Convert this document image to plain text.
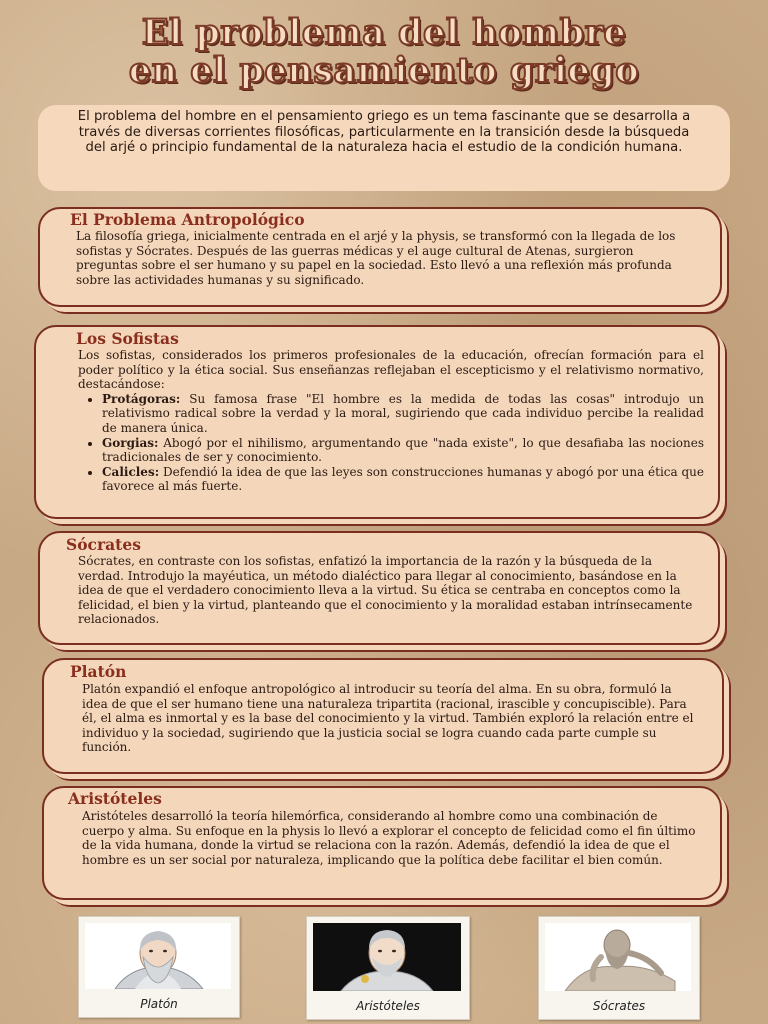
El problema del hombre
en el pensamiento griego
El problema del hombre en el pensamiento griego es un tema fascinante que se desarrolla a través de diversas corrientes filosóficas, particularmente en la transición desde la búsqueda del arjé o principio fundamental de la naturaleza hacia el estudio de la condición humana.
El Problema Antropológico
La filosofía griega, inicialmente centrada en el arjé y la physis, se transformó con la llegada de los sofistas y Sócrates. Después de las guerras médicas y el auge cultural de Atenas, surgieron preguntas sobre el ser humano y su papel en la sociedad. Esto llevó a una reflexión más profunda sobre las actividades humanas y su significado.
Los Sofistas
Los sofistas, considerados los primeros profesionales de la educación, ofrecían formación para el poder político y la ética social. Sus enseñanzas reflejaban el escepticismo y el relativismo normativo, destacándose:
• Protágoras: Su famosa frase "El hombre es la medida de todas las cosas" introdujo un relativismo radical sobre la verdad y la moral, sugiriendo que cada individuo percibe la realidad de manera única.
• Gorgias: Abogó por el nihilismo, argumentando que "nada existe", lo que desafiaba las nociones tradicionales de ser y conocimiento.
• Calicles: Defendió la idea de que las leyes son construcciones humanas y abogó por una ética que favorece al más fuerte.
Sócrates
Sócrates, en contraste con los sofistas, enfatizó la importancia de la razón y la búsqueda de la verdad. Introdujo la mayéutica, un método dialéctico para llegar al conocimiento, basándose en la idea de que el verdadero conocimiento lleva a la virtud. Su ética se centraba en conceptos como la felicidad, el bien y la virtud, planteando que el conocimiento y la moralidad estaban intrínsecamente relacionados.
Platón
Platón expandió el enfoque antropológico al introducir su teoría del alma. En su obra, formuló la idea de que el ser humano tiene una naturaleza tripartita (racional, irascible y concupiscible). Para él, el alma es inmortal y es la base del conocimiento y la virtud. También exploró la relación entre el individuo y la sociedad, sugiriendo que la justicia social se logra cuando cada parte cumple su función.
Aristóteles
Aristóteles desarrolló la teoría hilemórfica, considerando al hombre como una combinación de cuerpo y alma. Su enfoque en la physis lo llevó a explorar el concepto de felicidad como el fin último de la vida humana, donde la virtud se relaciona con la razón. Además, defendió la idea de que el hombre es un ser social por naturaleza, implicando que la política debe facilitar el bien común.
Platón	Aristóteles	Sócrates
